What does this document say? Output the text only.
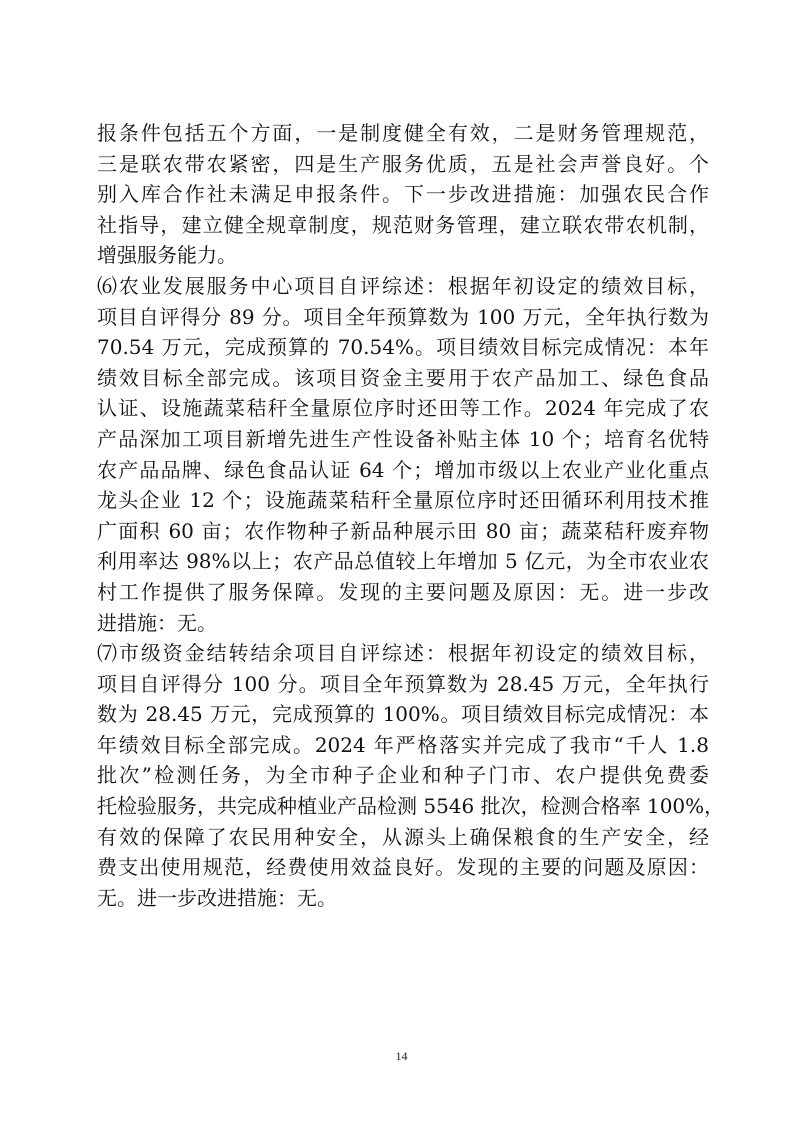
报条件包括五个方面，一是制度健全有效，二是财务管理规范，
三是联农带农紧密，四是生产服务优质，五是社会声誉良好。个
别入库合作社未满足申报条件。下一步改进措施：加强农民合作
社指导，建立健全规章制度，规范财务管理，建立联农带农机制，
增强服务能力。
⑹农业发展服务中心项目自评综述：根据年初设定的绩效目标，
项目自评得分 89 分。项目全年预算数为 100 万元，全年执行数为
70.54 万元，完成预算的 70.54%。项目绩效目标完成情况：本年
绩效目标全部完成。该项目资金主要用于农产品加工、绿色食品
认证、设施蔬菜秸秆全量原位序时还田等工作。2024 年完成了农
产品深加工项目新增先进生产性设备补贴主体 10 个；培育名优特
农产品品牌、绿色食品认证 64 个；增加市级以上农业产业化重点
龙头企业 12 个；设施蔬菜秸秆全量原位序时还田循环利用技术推
广面积 60 亩；农作物种子新品种展示田 80 亩；蔬菜秸秆废弃物
利用率达 98%以上；农产品总值较上年增加 5 亿元，为全市农业农
村工作提供了服务保障。发现的主要问题及原因：无。进一步改
进措施：无。
⑺市级资金结转结余项目自评综述：根据年初设定的绩效目标，
项目自评得分 100 分。项目全年预算数为 28.45 万元，全年执行
数为 28.45 万元，完成预算的 100%。项目绩效目标完成情况：本
年绩效目标全部完成。2024 年严格落实并完成了我市“千人 1.8
批次”检测任务，为全市种子企业和种子门市、农户提供免费委
托检验服务，共完成种植业产品检测 5546 批次，检测合格率 100%，
有效的保障了农民用种安全，从源头上确保粮食的生产安全，经
费支出使用规范，经费使用效益良好。发现的主要的问题及原因：
无。进一步改进措施：无。
14
